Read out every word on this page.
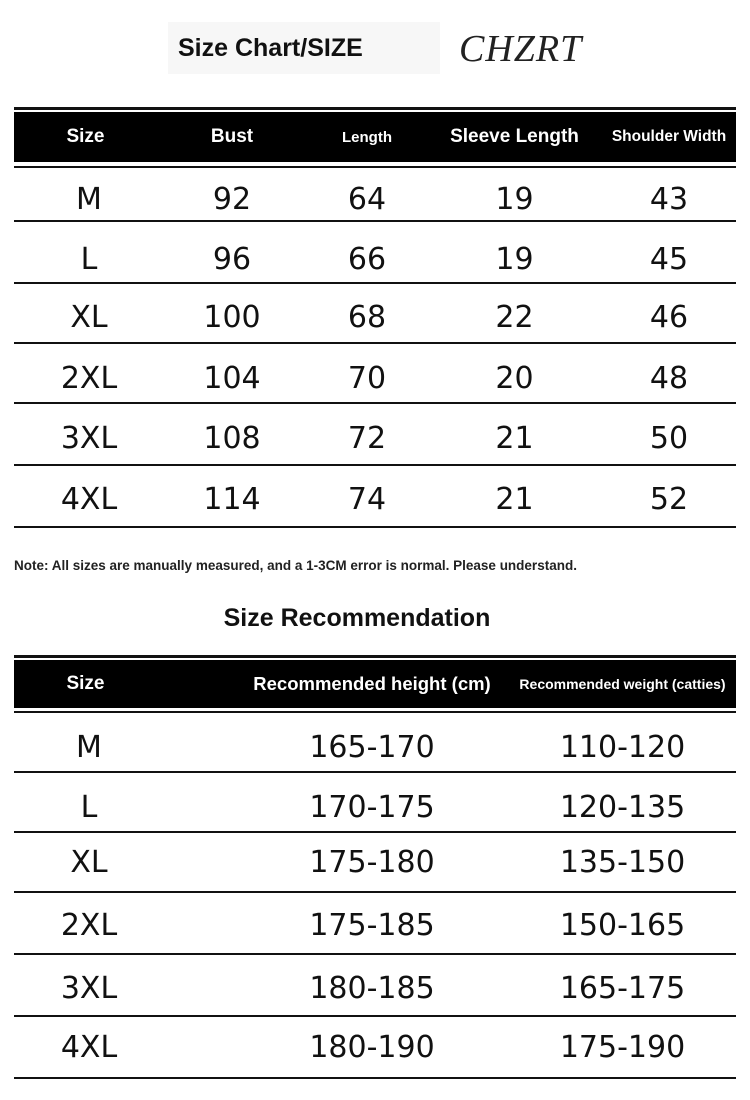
Size Chart/SIZE	CHZRT
Size	Bust	Length	Sleeve Length	Shoulder Width
M	92	64	19	43
L	96	66	19	45
XL	100	68	22	46
2XL	104	70	20	48
3XL	108	72	21	50
4XL	114	74	21	52
Note: All sizes are manually measured, and a 1-3CM error is normal. Please understand.
Size Recommendation
Size	Recommended height (cm)	Recommended weight (catties)
M	165-170	110-120
L	170-175	120-135
XL	175-180	135-150
2XL	175-185	150-165
3XL	180-185	165-175
4XL	180-190	175-190
